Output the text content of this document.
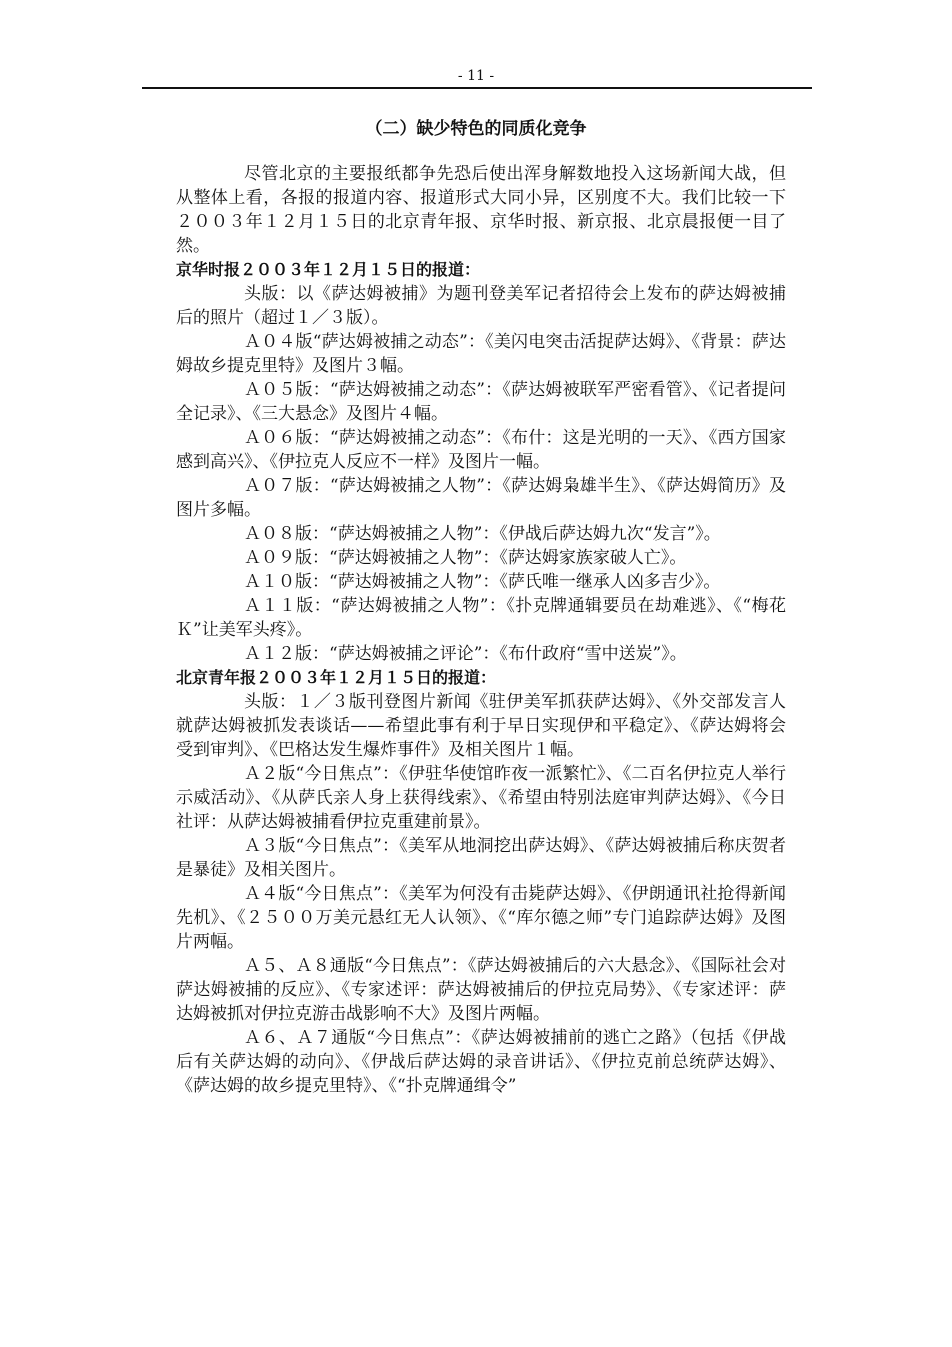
- 11 -
（二）缺少特色的同质化竞争

尽管北京的主要报纸都争先恐后使出浑身解数地投入这场新闻大战，但从整体上看，各报的报道内容、报道形式大同小异，区别度不大。我们比较一下２００３年１２月１５日的北京青年报、京华时报、新京报、北京晨报便一目了然。

京华时报２００３年１２月１５日的报道：

头版：以《萨达姆被捕》为题刊登美军记者招待会上发布的萨达姆被捕后的照片（超过１／３版）。

Ａ０４版“萨达姆被捕之动态”：《美闪电突击活捉萨达姆》、《背景：萨达姆故乡提克里特》及图片３幅。

Ａ０５版：“萨达姆被捕之动态”：《萨达姆被联军严密看管》、《记者提问全记录》、《三大悬念》及图片４幅。

Ａ０６版：“萨达姆被捕之动态”：《布什：这是光明的一天》、《西方国家感到高兴》、《伊拉克人反应不一样》及图片一幅。

Ａ０７版：“萨达姆被捕之人物”：《萨达姆枭雄半生》、《萨达姆简历》及图片多幅。

Ａ０８版：“萨达姆被捕之人物”：《伊战后萨达姆九次“发言”》。

Ａ０９版：“萨达姆被捕之人物”：《萨达姆家族家破人亡》。

Ａ１０版：“萨达姆被捕之人物”：《萨氏唯一继承人凶多吉少》。

Ａ１１版：“萨达姆被捕之人物”：《扑克牌通辑要员在劫难逃》、《“梅花Ｋ”让美军头疼》。

Ａ１２版：“萨达姆被捕之评论”：《布什政府“雪中送炭”》。

北京青年报２００３年１２月１５日的报道：

头版：１／３版刊登图片新闻《驻伊美军抓获萨达姆》、《外交部发言人就萨达姆被抓发表谈话——希望此事有利于早日实现伊和平稳定》、《萨达姆将会受到审判》、《巴格达发生爆炸事件》及相关图片１幅。

Ａ２版“今日焦点”：《伊驻华使馆昨夜一派繁忙》、《二百名伊拉克人举行示威活动》、《从萨氏亲人身上获得线索》、《希望由特别法庭审判萨达姆》、《今日社评：从萨达姆被捕看伊拉克重建前景》。

Ａ３版“今日焦点”：《美军从地洞挖出萨达姆》、《萨达姆被捕后称庆贺者是暴徒》及相关图片。

Ａ４版“今日焦点”：《美军为何没有击毙萨达姆》、《伊朗通讯社抢得新闻先机》、《２５００万美元悬红无人认领》、《“库尔德之师”专门追踪萨达姆》及图片两幅。

Ａ５、Ａ８通版“今日焦点”：《萨达姆被捕后的六大悬念》、《国际社会对萨达姆被捕的反应》、《专家述评：萨达姆被捕后的伊拉克局势》、《专家述评：萨达姆被抓对伊拉克游击战影响不大》及图片两幅。

Ａ６、Ａ７通版“今日焦点”：《萨达姆被捕前的逃亡之路》（包括《伊战后有关萨达姆的动向》、《伊战后萨达姆的录音讲话》、《伊拉克前总统萨达姆》、《萨达姆的故乡提克里特》、《“扑克牌通缉令”
